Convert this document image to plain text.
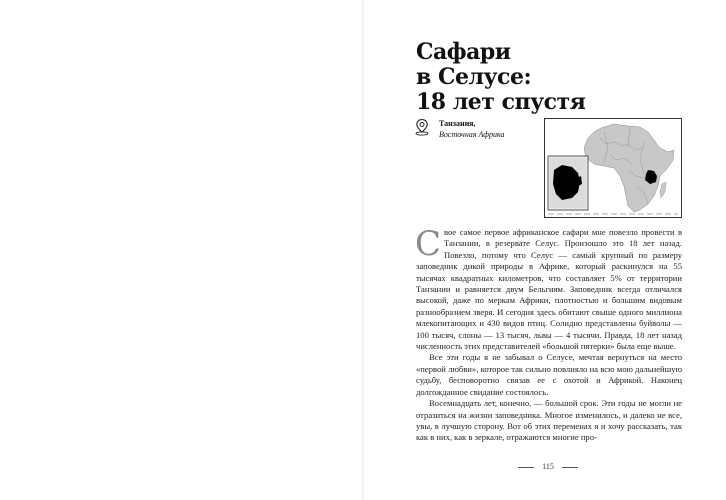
Сафари
в Селусе:
18 лет спустя
Танзания,
Восточная Африка

Свое самое первое африканское сафари мне повезло провести в Танзании, в резервате Селус. Произошло это 18 лет назад. Повезло, потому что Селус — самый крупный по размеру заповедник дикой природы в Африке, который раскинулся на 55 тысячах квадратных километров, что составляет 5% от территории Танзании и равняется двум Бельгиям. Заповедник всегда отличался высокой, даже по меркам Африки, плотностью и большим видовым разнообразием зверя. И сегодня здесь обитают свыше одного миллиона млекопитающих и 430 видов птиц. Солидно представлены буйволы — 100 тысяч, слоны — 13 тысяч, львы — 4 тысячи. Правда, 18 лет назад численность этих представителей «большой пятерки» была еще выше.

Все эти годы я не забывал о Селусе, мечтая вернуться на место «первой любви», которое так сильно повлияло на всю мою дальнейшую судьбу, бесповоротно связав ее с охотой и Африкой. Наконец долгожданное свидание состоялось.

Восемнадцать лет, конечно, — большой срок. Эти годы не могли не отразиться на жизни заповедника. Многое изменилось, и далеко не все, увы, в лучшую сторону. Вот об этих переменах я и хочу рассказать, так как в них, как в зеркале, отражаются многие про-

115
